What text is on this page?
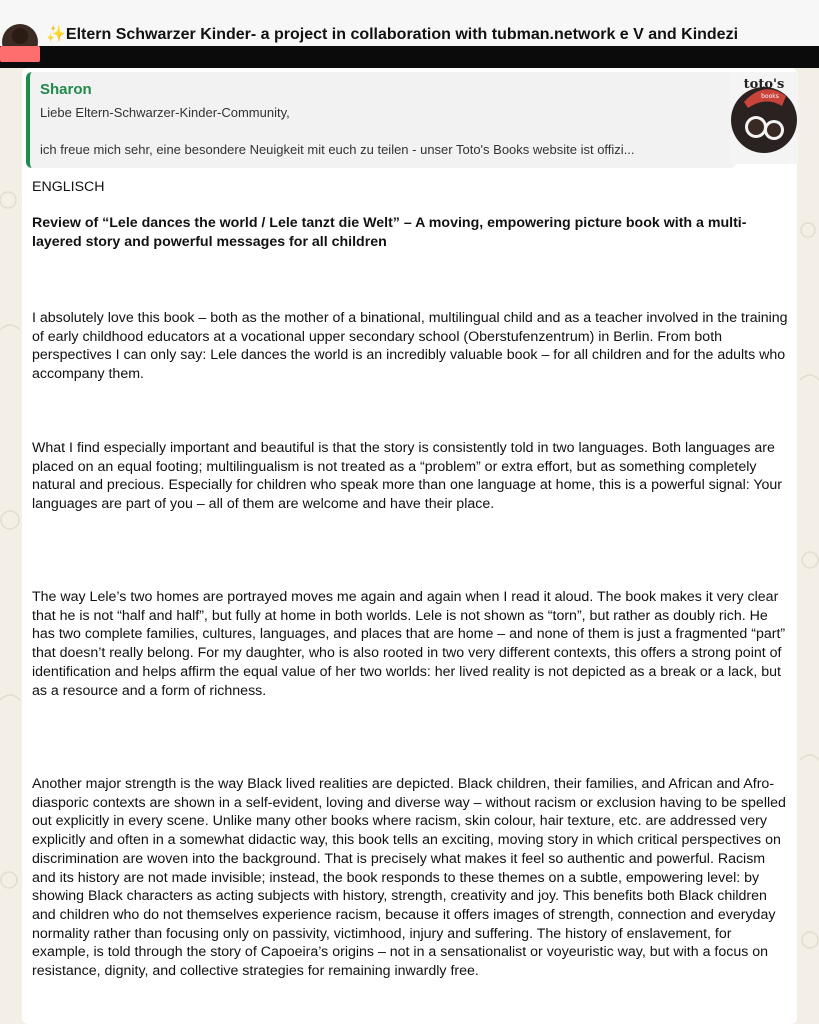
✨Eltern Schwarzer Kinder- a project in collaboration with tubman.network e V and Kindezi
Sharon
Liebe Eltern-Schwarzer-Kinder-Community,
ich freue mich sehr, eine besondere Neuigkeit mit euch zu teilen - unser Toto's Books website ist offizi...
toto's
books

ENGLISCH

Review of “Lele dances the world / Lele tanzt die Welt” – A moving, empowering picture book with a multi-layered story and powerful messages for all children

I absolutely love this book – both as the mother of a binational, multilingual child and as a teacher involved in the training of early childhood educators at a vocational upper secondary school (Oberstufenzentrum) in Berlin. From both perspectives I can only say: Lele dances the world is an incredibly valuable book – for all children and for the adults who accompany them.

What I find especially important and beautiful is that the story is consistently told in two languages. Both languages are placed on an equal footing; multilingualism is not treated as a “problem” or extra effort, but as something completely natural and precious. Especially for children who speak more than one language at home, this is a powerful signal: Your languages are part of you – all of them are welcome and have their place.

The way Lele’s two homes are portrayed moves me again and again when I read it aloud. The book makes it very clear that he is not “half and half”, but fully at home in both worlds. Lele is not shown as “torn”, but rather as doubly rich. He has two complete families, cultures, languages, and places that are home – and none of them is just a fragmented “part” that doesn’t really belong. For my daughter, who is also rooted in two very different contexts, this offers a strong point of identification and helps affirm the equal value of her two worlds: her lived reality is not depicted as a break or a lack, but as a resource and a form of richness.

Another major strength is the way Black lived realities are depicted. Black children, their families, and African and Afro-diasporic contexts are shown in a self-evident, loving and diverse way – without racism or exclusion having to be spelled out explicitly in every scene. Unlike many other books where racism, skin colour, hair texture, etc. are addressed very explicitly and often in a somewhat didactic way, this book tells an exciting, moving story in which critical perspectives on discrimination are woven into the background. That is precisely what makes it feel so authentic and powerful. Racism and its history are not made invisible; instead, the book responds to these themes on a subtle, empowering level: by showing Black characters as acting subjects with history, strength, creativity and joy. This benefits both Black children and children who do not themselves experience racism, because it offers images of strength, connection and everyday normality rather than focusing only on passivity, victimhood, injury and suffering. The history of enslavement, for example, is told through the story of Capoeira’s origins – not in a sensationalist or voyeuristic way, but with a focus on resistance, dignity, and collective strategies for remaining inwardly free.
